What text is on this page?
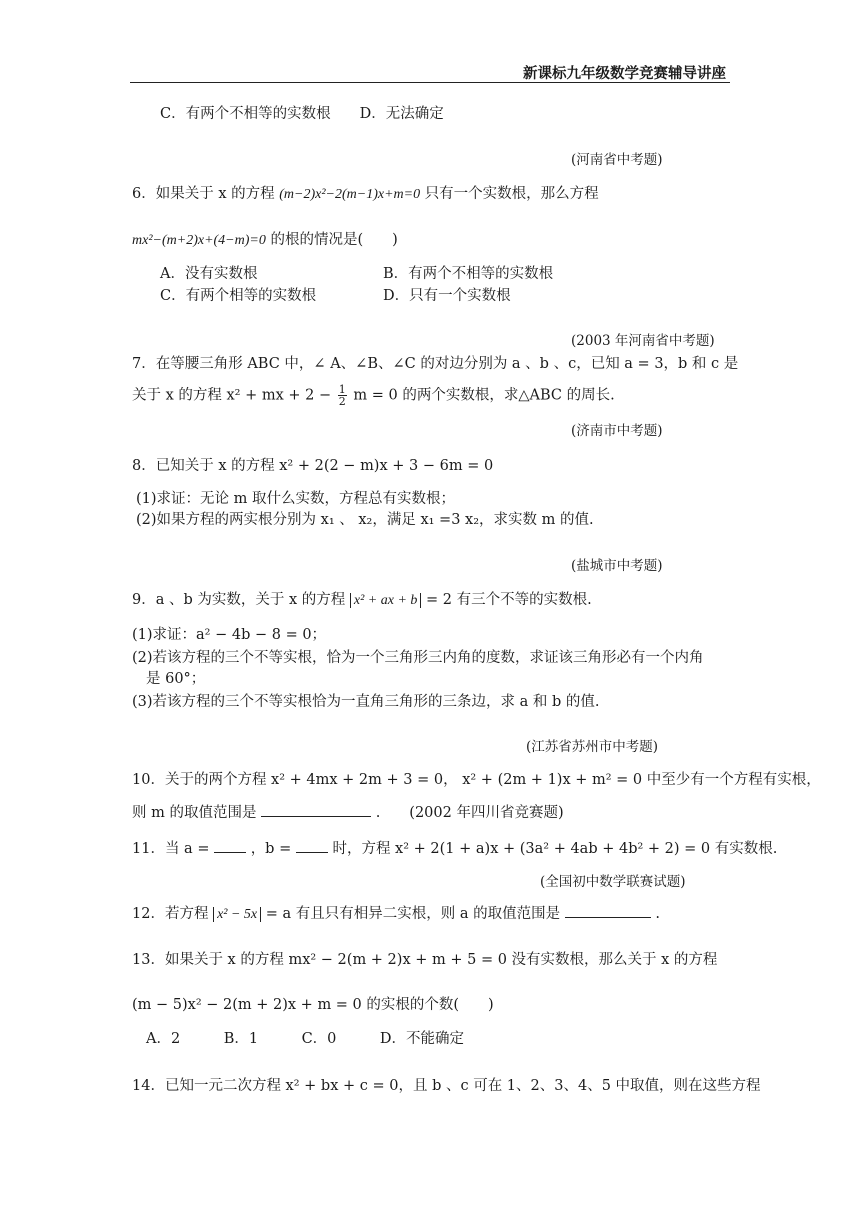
新课标九年级数学竞赛辅导讲座
C．有两个不相等的实数根　　D．无法确定
(河南省中考题)
6．如果关于 x 的方程 (m−2)x²−2(m−1)x+m=0 只有一个实数根，那么方程
mx²−(m+2)x+(4−m)=0 的根的情况是(　　)
A．没有实数根	B．有两个不相等的实数根
C．有两个相等的实数根	D．只有一个实数根
(2003 年河南省中考题)
7．在等腰三角形 ABC 中，∠ A、∠B、∠C 的对边分别为 a 、b 、c，已知 a = 3，b 和 c 是
关于 x 的方程 x² + mx + $2 - \frac{1}{2}$ m = 0 的两个实数根，求△ABC 的周长.
(济南市中考题)
8．已知关于 x 的方程 x² + 2(2 − m)x + 3 − 6m = 0
(1)求证：无论 m 取什么实数，方程总有实数根；
(2)如果方程的两实根分别为 x₁ 、 x₂，满足 x₁ =3 x₂，求实数 m 的值.
(盐城市中考题)
9．a 、b 为实数，关于 x 的方程 x² + ax + b = 2 有三个不等的实数根.
(1)求证：a² − 4b − 8 = 0；
(2)若该方程的三个不等实根，恰为一个三角形三内角的度数，求证该三角形必有一个内角
是 60°；
(3)若该方程的三个不等实根恰为一直角三角形的三条边，求 a 和 b 的值.
(江苏省苏州市中考题)
10．关于的两个方程 x² + 4mx + 2m + 3 = 0， x² + (2m + 1)x + m² = 0 中至少有一个方程有实根，
则 m 的取值范围是	.　　(2002 年四川省竞赛题)
11．当 a =	，b =	时，方程 x² + 2(1 + a)x + (3a² + 4ab + 4b² + 2) = 0 有实数根.
(全国初中数学联赛试题)
12．若方程 x² − 5x = a 有且只有相异二实根，则 a 的取值范围是	.
13．如果关于 x 的方程 mx² − 2(m + 2)x + m + 5 = 0 没有实数根，那么关于 x 的方程
(m − 5)x² − 2(m + 2)x + m = 0 的实根的个数(　　)
A．2　　　B．1　　　C．0　　　D．不能确定
14．已知一元二次方程 x² + bx + c = 0，且 b 、c 可在 1、2、3、4、5 中取值，则在这些方程
